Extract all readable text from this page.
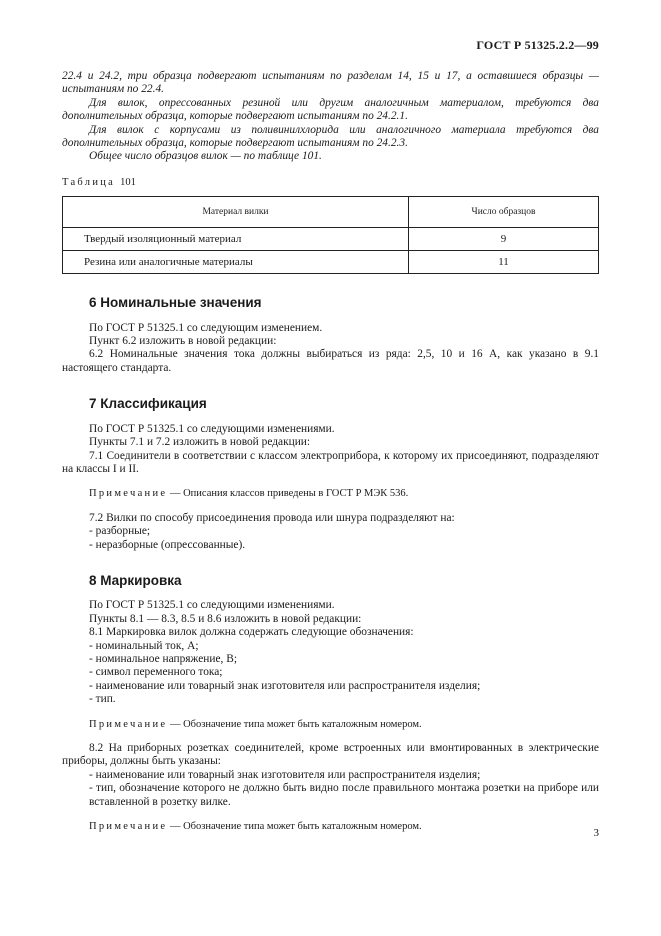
ГОСТ Р 51325.2.2—99

22.4 и 24.2, три образца подвергают испытаниям по разделам 14, 15 и 17, а оставшиеся образцы — испытаниям по 22.4.

Для вилок, опрессованных резиной или другим аналогичным материалом, требуются два дополнительных образца, которые подвергают испытаниям по 24.2.1.

Для вилок с корпусами из поливинилхлорида или аналогичного материала требуются два дополнительных образца, которые подвергают испытаниям по 24.2.3.

Общее число образцов вилок — по таблице 101.

Таблица 101
Материал вилки	Число образцов
Твердый изоляционный материал	9
Резина или аналогичные материалы	11
6 Номинальные значения

По ГОСТ Р 51325.1 со следующим изменением.

Пункт 6.2 изложить в новой редакции:

6.2 Номинальные значения тока должны выбираться из ряда: 2,5, 10 и 16 А, как указано в 9.1 настоящего стандарта.

7 Классификация

По ГОСТ Р 51325.1 со следующими изменениями.

Пункты 7.1 и 7.2 изложить в новой редакции:

7.1 Соединители в соответствии с классом электроприбора, к которому их присоединяют, подразделяют на классы I и II.

Примечание — Описания классов приведены в ГОСТ Р МЭК 536.

7.2 Вилки по способу присоединения провода или шнура подразделяют на:

- разборные;

- неразборные (опрессованные).

8 Маркировка

По ГОСТ Р 51325.1 со следующими изменениями.

Пункты 8.1 — 8.3, 8.5 и 8.6 изложить в новой редакции:

8.1 Маркировка вилок должна содержать следующие обозначения:

- номинальный ток, А;

- номинальное напряжение, В;

- символ переменного тока;

- наименование или товарный знак изготовителя или распространителя изделия;

- тип.

Примечание — Обозначение типа может быть каталожным номером.

8.2 На приборных розетках соединителей, кроме встроенных или вмонтированных в электрические приборы, должны быть указаны:

- наименование или товарный знак изготовителя или распространителя изделия;

- тип, обозначение которого не должно быть видно после правильного монтажа розетки на приборе или вставленной в розетку вилке.

Примечание — Обозначение типа может быть каталожным номером.

3
